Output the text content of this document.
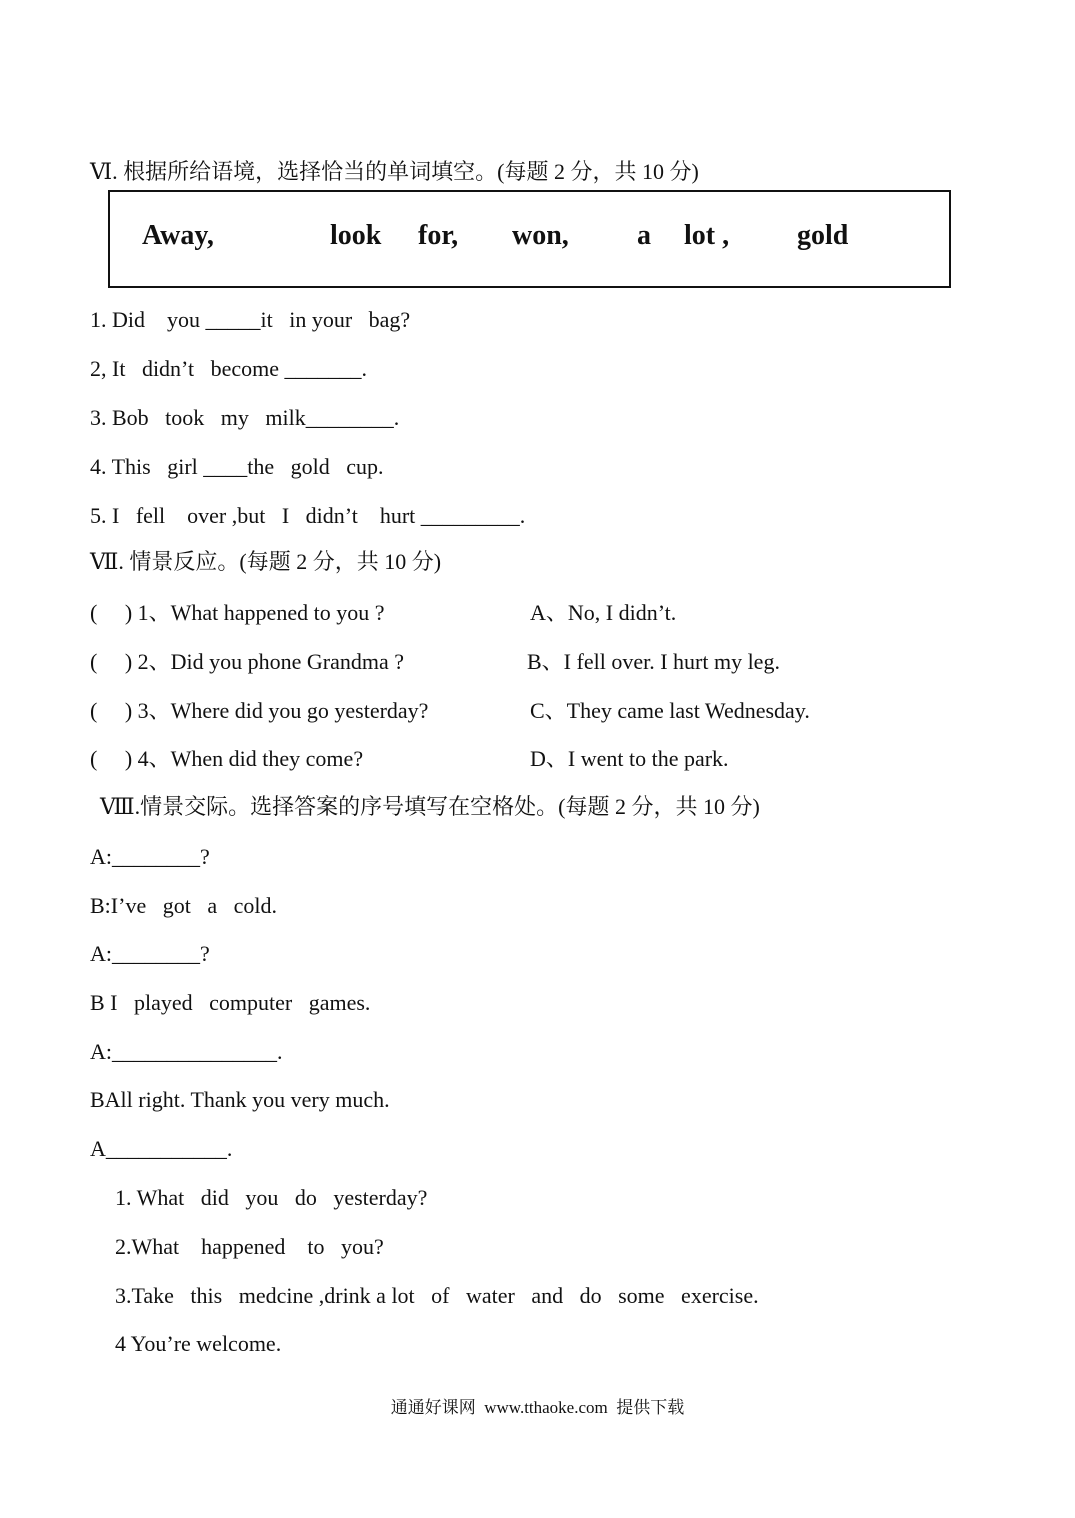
Ⅵ. 根据所给语境，选择恰当的单词填空。(每题 2 分，共 10 分)
Away,	look for, won, a lot , gold
1. Did    you _____it   in your   bag?
2, It   didn’t   become _______.
3. Bob   took   my   milk________.
4. This   girl ____the   gold   cup.
5. I   fell    over ,but   I   didn’t    hurt _________.
Ⅶ. 情景反应。(每题 2 分，共 10 分)
(     ) 1、What happened to you ?	A、No, I didn’t.
(     ) 2、Did you phone Grandma ?	B、I fell over. I hurt my leg.
(     ) 3、Where did you go yesterday?	C、They came last Wednesday.
(     ) 4、When did they come?	D、I went to the park.
Ⅷ.情景交际。选择答案的序号填写在空格处。(每题 2 分，共 10 分)
A:________?
B:I’ve   got   a   cold.
A:________?
B I   played   computer   games.
A:_______________.
BAll right. Thank you very much.
A___________.
1. What   did   you   do   yesterday?
2.What    happened    to   you?
3.Take   this   medcine ,drink a lot   of   water   and   do   some   exercise.
4 You’re welcome.
通通好课网  www.tthaoke.com  提供下载
